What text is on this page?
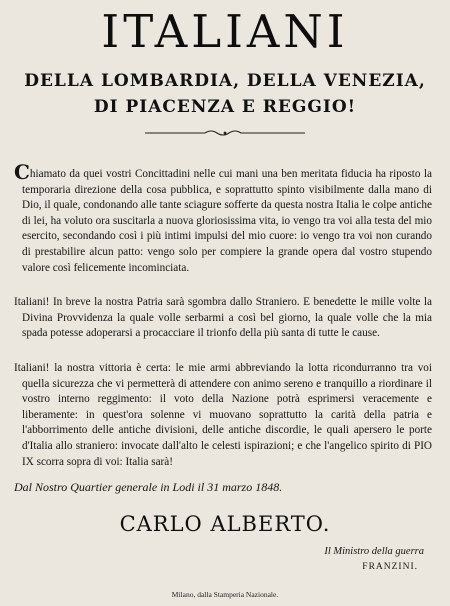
ITALIANI
DELLA LOMBARDIA, DELLA VENEZIA,
DI PIACENZA E REGGIO!

Chiamato da quei vostri Concittadini nelle cui mani una ben meritata fiducia ha riposto la temporaria direzione della cosa pubblica, e soprattutto spinto visibilmente dalla mano di Dio, il quale, condonando alle tante sciagure sofferte da questa nostra Italia le colpe antiche di lei, ha voluto ora suscitarla a nuova gloriosissima vita, io vengo tra voi alla testa del mio esercito, secondando così i più intimi impulsi del mio cuore: io vengo tra voi non curando di prestabilire alcun patto: vengo solo per compiere la grande opera dal vostro stupendo valore così felicemente incominciata.

Italiani! In breve la nostra Patria sarà sgombra dallo Straniero. E benedette le mille volte la Divina Provvidenza la quale volle serbarmi a così bel giorno, la quale volle che la mia spada potesse adoperarsi a procacciare il trionfo della più santa di tutte le cause.

Italiani! la nostra vittoria è certa: le mie armi abbreviando la lotta ricondurranno tra voi quella sicurezza che vi permetterà di attendere con animo sereno e tranquillo a riordinare il vostro interno reggimento: il voto della Nazione potrà esprimersi veracemente e liberamente: in quest'ora solenne vi muovano soprattutto la carità della patria e l'abborrimento delle antiche divisioni, delle antiche discordie, le quali apersero le porte d'Italia allo straniero: invocate dall'alto le celesti ispirazioni; e che l'angelico spirito di PIO IX scorra sopra di voi: Italia sarà!

Dal Nostro Quartier generale in Lodi il 31 marzo 1848.
CARLO ALBERTO.
Il Ministro della guerra
FRANZINI.
Milano, dalla Stamperia Nazionale.
